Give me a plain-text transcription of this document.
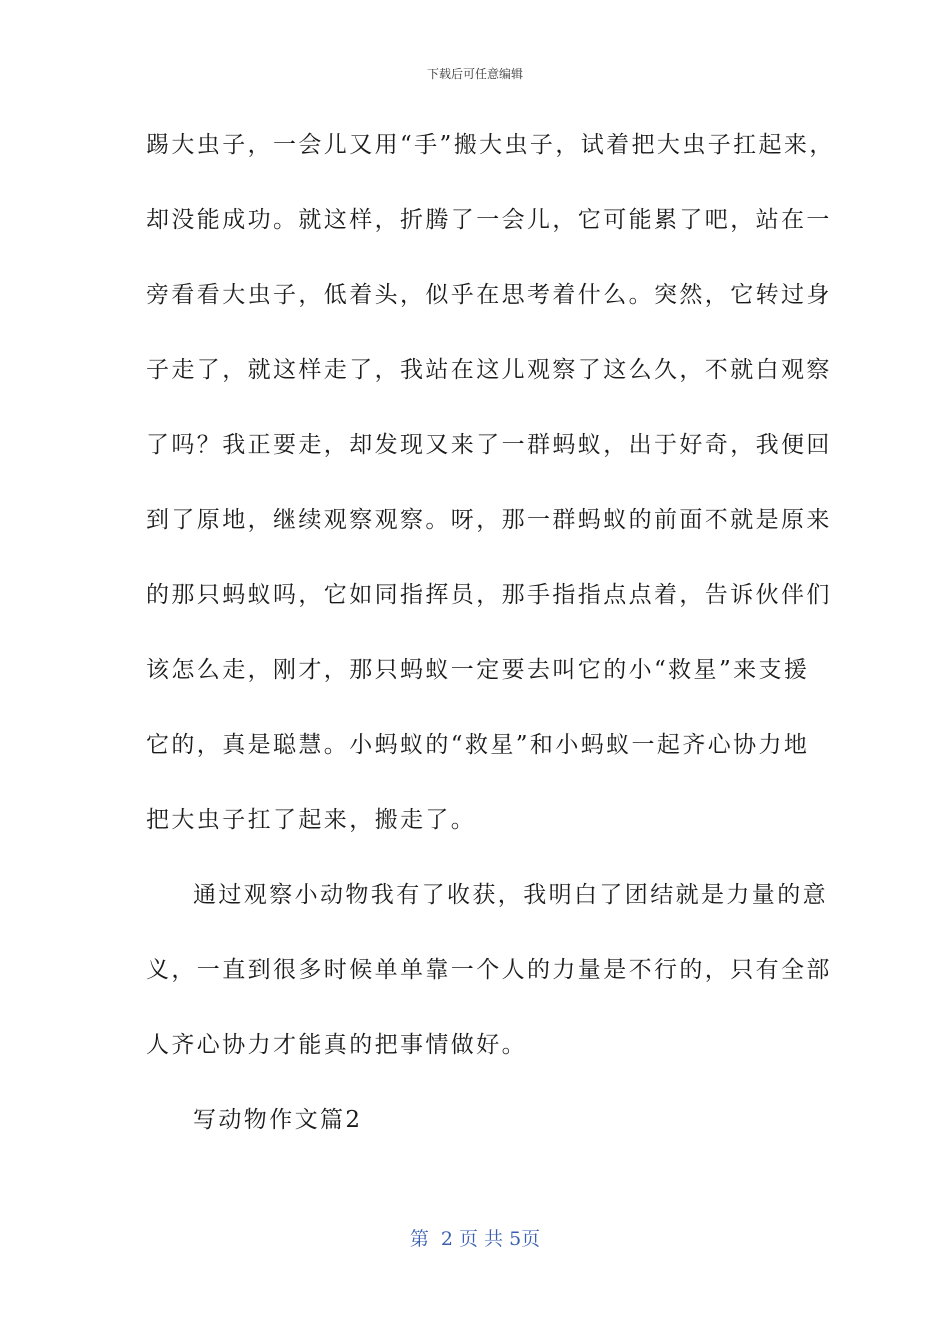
下载后可任意编辑
踢大虫子，一会儿又用“手”搬大虫子，试着把大虫子扛起来，
却没能成功。就这样，折腾了一会儿，它可能累了吧，站在一
旁看看大虫子，低着头，似乎在思考着什么。突然，它转过身
子走了，就这样走了，我站在这儿观察了这么久，不就白观察
了吗？我正要走，却发现又来了一群蚂蚁，出于好奇，我便回
到了原地，继续观察观察。呀，那一群蚂蚁的前面不就是原来
的那只蚂蚁吗，它如同指挥员，那手指指点点着，告诉伙伴们
该怎么走，刚才，那只蚂蚁一定要去叫它的小“救星”来支援
它的，真是聪慧。小蚂蚁的“救星”和小蚂蚁一起齐心协力地
把大虫子扛了起来，搬走了。
通过观察小动物我有了收获，我明白了团结就是力量的意
义，一直到很多时候单单靠一个人的力量是不行的，只有全部
人齐心协力才能真的把事情做好。
写动物作文篇2
第  2 页 共 5页
